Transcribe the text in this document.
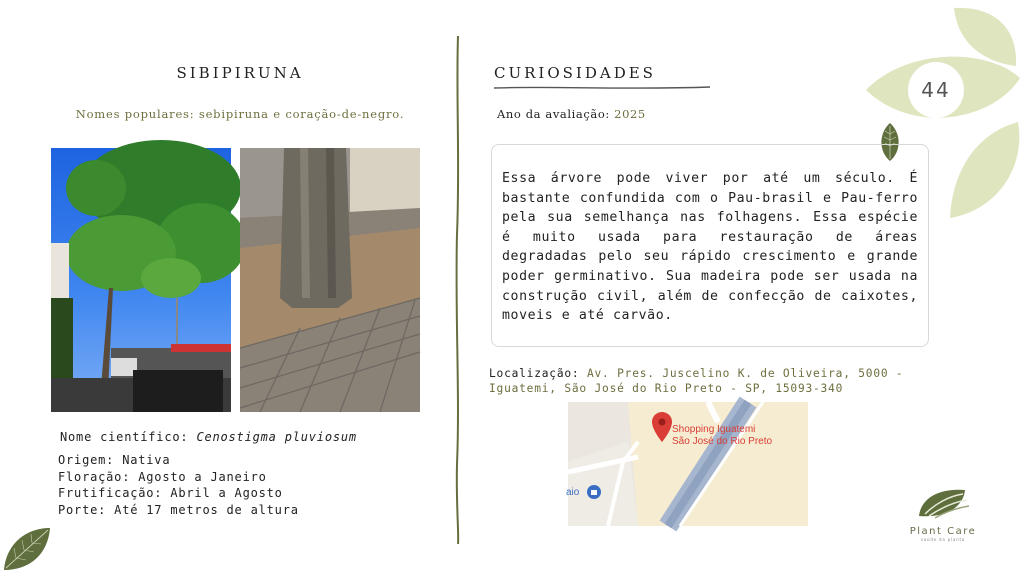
44
SIBIPIRUNA
Nomes populares: sebipiruna e coração-de-negro.
Nome científico: Cenostigma pluviosum
Origem: Nativa
Floração: Agosto a Janeiro
Frutificação: Abril a Agosto
Porte: Até 17 metros de altura
CURIOSIDADES
Ano da avaliação: 2025

Essa árvore pode viver por até um século. É bastante confundida com o Pau-brasil e Pau-ferro pela sua semelhança nas folhagens. Essa espécie é muito usada para restauração de áreas degradadas pelo seu rápido crescimento e grande poder germinativo. Sua madeira pode ser usada na construção civil, além de confecção de caixotes, moveis e até carvão.

Localização: Av. Pres. Juscelino K. de Oliveira, 5000 - Iguatemi, São José do Rio Preto - SP, 15093-340
Shopping Iguatemi
São José do Rio Preto
aio
Plant Care
saúde da planta
